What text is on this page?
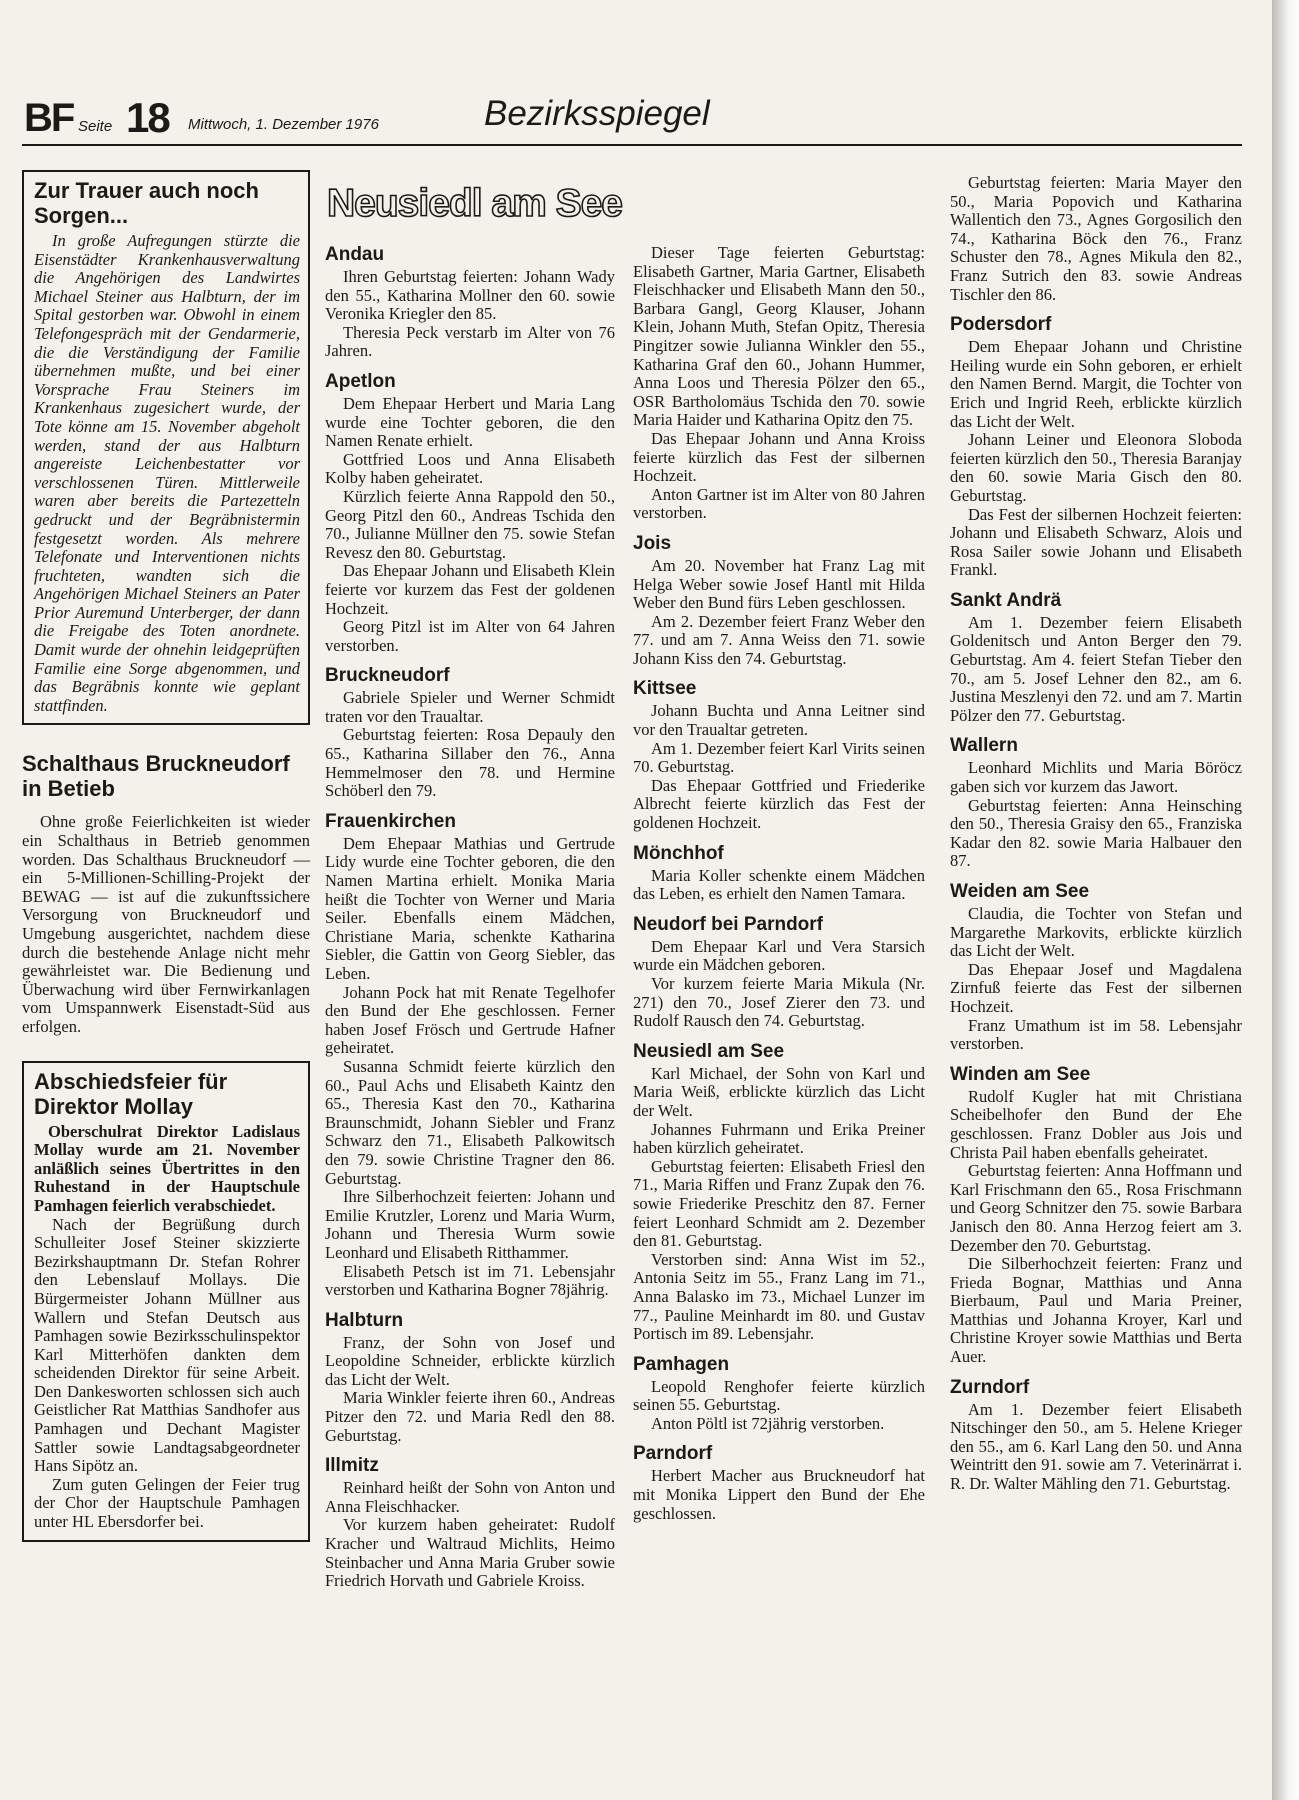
BF Seite 18 Mittwoch, 1. Dezember 1976	Bezirksspiegel
Zur Trauer auch noch Sorgen...

In große Aufregungen stürzte die Eisenstädter Krankenhausverwaltung die Angehörigen des Landwirtes Michael Steiner aus Halbturn, der im Spital gestorben war. Obwohl in einem Telefongespräch mit der Gendarmerie, die die Verständigung der Familie übernehmen mußte, und bei einer Vorsprache Frau Steiners im Krankenhaus zugesichert wurde, der Tote könne am 15. November abgeholt werden, stand der aus Halbturn angereiste Leichenbestatter vor verschlossenen Türen. Mittlerweile waren aber bereits die Partezetteln gedruckt und der Begräbnistermin festgesetzt worden. Als mehrere Telefonate und Interventionen nichts fruchteten, wandten sich die Angehörigen Michael Steiners an Pater Prior Auremund Unterberger, der dann die Freigabe des Toten anordnete. Damit wurde der ohnehin leidgeprüften Familie eine Sorge abgenommen, und das Begräbnis konnte wie geplant stattfinden.

Schalthaus Bruckneudorf in Betieb

Ohne große Feierlichkeiten ist wieder ein Schalthaus in Betrieb genommen worden. Das Schalthaus Bruckneudorf — ein 5-Millionen-Schilling-Projekt der BEWAG — ist auf die zukunftssichere Versorgung von Bruckneudorf und Umgebung ausgerichtet, nachdem diese durch die bestehende Anlage nicht mehr gewährleistet war. Die Bedienung und Überwachung wird über Fernwirkanlagen vom Umspannwerk Eisenstadt-Süd aus erfolgen.

Abschiedsfeier für Direktor Mollay

Oberschulrat Direktor Ladislaus Mollay wurde am 21. November anläßlich seines Übertrittes in den Ruhestand in der Hauptschule Pamhagen feierlich verabschiedet.

Nach der Begrüßung durch Schulleiter Josef Steiner skizzierte Bezirkshauptmann Dr. Stefan Rohrer den Lebenslauf Mollays. Die Bürgermeister Johann Müllner aus Wallern und Stefan Deutsch aus Pamhagen sowie Bezirksschulinspektor Karl Mitterhöfen dankten dem scheidenden Direktor für seine Arbeit. Den Dankesworten schlossen sich auch Geistlicher Rat Matthias Sandhofer aus Pamhagen und Dechant Magister Sattler sowie Landtagsabgeordneter Hans Sipötz an.

Zum guten Gelingen der Feier trug der Chor der Hauptschule Pamhagen unter HL Ebersdorfer bei.

Neusiedl am See
Andau

Ihren Geburtstag feierten: Johann Wady den 55., Katharina Mollner den 60. sowie Veronika Kriegler den 85.

Theresia Peck verstarb im Alter von 76 Jahren.

Apetlon

Dem Ehepaar Herbert und Maria Lang wurde eine Tochter geboren, die den Namen Renate erhielt.

Gottfried Loos und Anna Elisabeth Kolby haben geheiratet.

Kürzlich feierte Anna Rappold den 50., Georg Pitzl den 60., Andreas Tschida den 70., Julianne Müllner den 75. sowie Stefan Revesz den 80. Geburtstag.

Das Ehepaar Johann und Elisabeth Klein feierte vor kurzem das Fest der goldenen Hochzeit.

Georg Pitzl ist im Alter von 64 Jahren verstorben.

Bruckneudorf

Gabriele Spieler und Werner Schmidt traten vor den Traualtar.

Geburtstag feierten: Rosa Depauly den 65., Katharina Sillaber den 76., Anna Hemmelmoser den 78. und Hermine Schöberl den 79.

Frauenkirchen

Dem Ehepaar Mathias und Gertrude Lidy wurde eine Tochter geboren, die den Namen Martina erhielt. Monika Maria heißt die Tochter von Werner und Maria Seiler. Ebenfalls einem Mädchen, Christiane Maria, schenkte Katharina Siebler, die Gattin von Georg Siebler, das Leben.

Johann Pock hat mit Renate Tegelhofer den Bund der Ehe geschlossen. Ferner haben Josef Frösch und Gertrude Hafner geheiratet.

Susanna Schmidt feierte kürzlich den 60., Paul Achs und Elisabeth Kaintz den 65., Theresia Kast den 70., Katharina Braunschmidt, Johann Siebler und Franz Schwarz den 71., Elisabeth Palkowitsch den 79. sowie Christine Tragner den 86. Geburtstag.

Ihre Silberhochzeit feierten: Johann und Emilie Krutzler, Lorenz und Maria Wurm, Johann und Theresia Wurm sowie Leonhard und Elisabeth Ritthammer.

Elisabeth Petsch ist im 71. Lebensjahr verstorben und Katharina Bogner 78jährig.

Halbturn

Franz, der Sohn von Josef und Leopoldine Schneider, erblickte kürzlich das Licht der Welt.

Maria Winkler feierte ihren 60., Andreas Pitzer den 72. und Maria Redl den 88. Geburtstag.

Illmitz

Reinhard heißt der Sohn von Anton und Anna Fleischhacker.

Vor kurzem haben geheiratet: Rudolf Kracher und Waltraud Michlits, Heimo Steinbacher und Anna Maria Gruber sowie Friedrich Horvath und Gabriele Kroiss.

Dieser Tage feierten Geburtstag: Elisabeth Gartner, Maria Gartner, Elisabeth Fleischhacker und Elisabeth Mann den 50., Barbara Gangl, Georg Klauser, Johann Klein, Johann Muth, Stefan Opitz, Theresia Pingitzer sowie Julianna Winkler den 55., Katharina Graf den 60., Johann Hummer, Anna Loos und Theresia Pölzer den 65., OSR Bartholomäus Tschida den 70. sowie Maria Haider und Katharina Opitz den 75.

Das Ehepaar Johann und Anna Kroiss feierte kürzlich das Fest der silbernen Hochzeit.

Anton Gartner ist im Alter von 80 Jahren verstorben.

Jois

Am 20. November hat Franz Lag mit Helga Weber sowie Josef Hantl mit Hilda Weber den Bund fürs Leben geschlossen.

Am 2. Dezember feiert Franz Weber den 77. und am 7. Anna Weiss den 71. sowie Johann Kiss den 74. Geburtstag.

Kittsee

Johann Buchta und Anna Leitner sind vor den Traualtar getreten.

Am 1. Dezember feiert Karl Virits seinen 70. Geburtstag.

Das Ehepaar Gottfried und Friederike Albrecht feierte kürzlich das Fest der goldenen Hochzeit.

Mönchhof

Maria Koller schenkte einem Mädchen das Leben, es erhielt den Namen Tamara.

Neudorf bei Parndorf

Dem Ehepaar Karl und Vera Starsich wurde ein Mädchen geboren.

Vor kurzem feierte Maria Mikula (Nr. 271) den 70., Josef Zierer den 73. und Rudolf Rausch den 74. Geburtstag.

Neusiedl am See

Karl Michael, der Sohn von Karl und Maria Weiß, erblickte kürzlich das Licht der Welt.

Johannes Fuhrmann und Erika Preiner haben kürzlich geheiratet.

Geburtstag feierten: Elisabeth Friesl den 71., Maria Riffen und Franz Zupak den 76. sowie Friederike Preschitz den 87. Ferner feiert Leonhard Schmidt am 2. Dezember den 81. Geburtstag.

Verstorben sind: Anna Wist im 52., Antonia Seitz im 55., Franz Lang im 71., Anna Balasko im 73., Michael Lunzer im 77., Pauline Meinhardt im 80. und Gustav Portisch im 89. Lebensjahr.

Pamhagen

Leopold Renghofer feierte kürzlich seinen 55. Geburtstag.

Anton Pöltl ist 72jährig verstorben.

Parndorf

Herbert Macher aus Bruckneudorf hat mit Monika Lippert den Bund der Ehe geschlossen.

Geburtstag feierten: Maria Mayer den 50., Maria Popovich und Katharina Wallentich den 73., Agnes Gorgosilich den 74., Katharina Böck den 76., Franz Schuster den 78., Agnes Mikula den 82., Franz Sutrich den 83. sowie Andreas Tischler den 86.

Podersdorf

Dem Ehepaar Johann und Christine Heiling wurde ein Sohn geboren, er erhielt den Namen Bernd. Margit, die Tochter von Erich und Ingrid Reeh, erblickte kürzlich das Licht der Welt.

Johann Leiner und Eleonora Sloboda feierten kürzlich den 50., Theresia Baranjay den 60. sowie Maria Gisch den 80. Geburtstag.

Das Fest der silbernen Hochzeit feierten: Johann und Elisabeth Schwarz, Alois und Rosa Sailer sowie Johann und Elisabeth Frankl.

Sankt Andrä

Am 1. Dezember feiern Elisabeth Goldenitsch und Anton Berger den 79. Geburtstag. Am 4. feiert Stefan Tieber den 70., am 5. Josef Lehner den 82., am 6. Justina Meszlenyi den 72. und am 7. Martin Pölzer den 77. Geburtstag.

Wallern

Leonhard Michlits und Maria Böröcz gaben sich vor kurzem das Jawort.

Geburtstag feierten: Anna Heinsching den 50., Theresia Graisy den 65., Franziska Kadar den 82. sowie Maria Halbauer den 87.

Weiden am See

Claudia, die Tochter von Stefan und Margarethe Markovits, erblickte kürzlich das Licht der Welt.

Das Ehepaar Josef und Magdalena Zirnfuß feierte das Fest der silbernen Hochzeit.

Franz Umathum ist im 58. Lebensjahr verstorben.

Winden am See

Rudolf Kugler hat mit Christiana Scheibelhofer den Bund der Ehe geschlossen. Franz Dobler aus Jois und Christa Pail haben ebenfalls geheiratet.

Geburtstag feierten: Anna Hoffmann und Karl Frischmann den 65., Rosa Frischmann und Georg Schnitzer den 75. sowie Barbara Janisch den 80. Anna Herzog feiert am 3. Dezember den 70. Geburtstag.

Die Silberhochzeit feierten: Franz und Frieda Bognar, Matthias und Anna Bierbaum, Paul und Maria Preiner, Matthias und Johanna Kroyer, Karl und Christine Kroyer sowie Matthias und Berta Auer.

Zurndorf

Am 1. Dezember feiert Elisabeth Nitschinger den 50., am 5. Helene Krieger den 55., am 6. Karl Lang den 50. und Anna Weintritt den 91. sowie am 7. Veterinärrat i. R. Dr. Walter Mähling den 71. Geburtstag.
